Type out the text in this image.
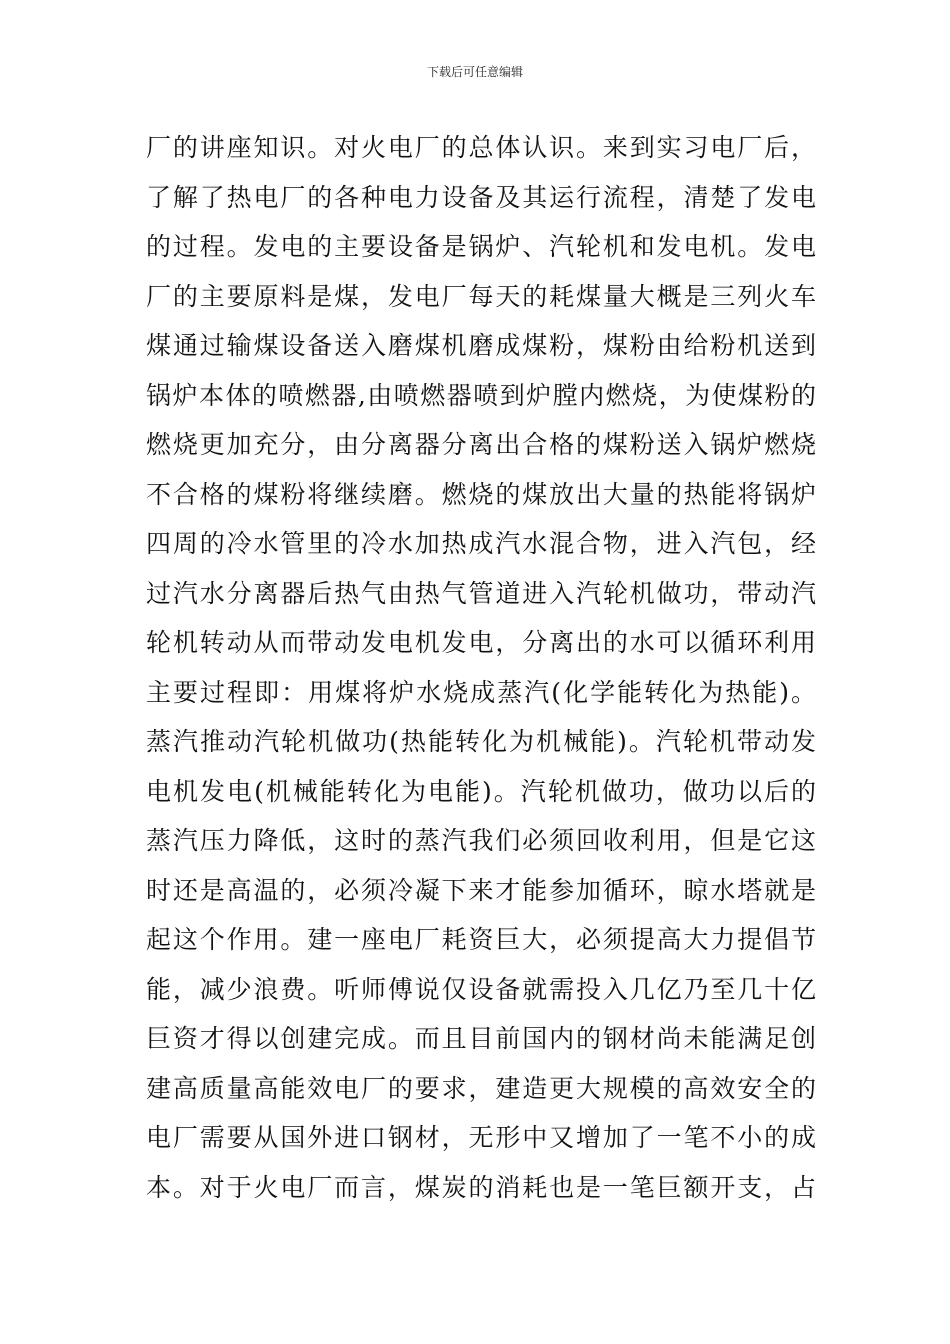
下载后可任意编辑
厂的讲座知识。对火电厂的总体认识。来到实习电厂后，
了解了热电厂的各种电力设备及其运行流程，清楚了发电
的过程。发电的主要设备是锅炉、汽轮机和发电机。发电
厂的主要原料是煤，发电厂每天的耗煤量大概是三列火车
煤通过输煤设备送入磨煤机磨成煤粉，煤粉由给粉机送到
锅炉本体的喷燃器,由喷燃器喷到炉膛内燃烧，为使煤粉的
燃烧更加充分，由分离器分离出合格的煤粉送入锅炉燃烧
不合格的煤粉将继续磨。燃烧的煤放出大量的热能将锅炉
四周的冷水管里的冷水加热成汽水混合物，进入汽包，经
过汽水分离器后热气由热气管道进入汽轮机做功，带动汽
轮机转动从而带动发电机发电，分离出的水可以循环利用
主要过程即：用煤将炉水烧成蒸汽(化学能转化为热能)。
蒸汽推动汽轮机做功(热能转化为机械能)。汽轮机带动发
电机发电(机械能转化为电能)。汽轮机做功，做功以后的
蒸汽压力降低，这时的蒸汽我们必须回收利用，但是它这
时还是高温的，必须冷凝下来才能参加循环，晾水塔就是
起这个作用。建一座电厂耗资巨大，必须提高大力提倡节
能，减少浪费。听师傅说仅设备就需投入几亿乃至几十亿
巨资才得以创建完成。而且目前国内的钢材尚未能满足创
建高质量高能效电厂的要求，建造更大规模的高效安全的
电厂需要从国外进口钢材，无形中又增加了一笔不小的成
本。对于火电厂而言，煤炭的消耗也是一笔巨额开支，占
